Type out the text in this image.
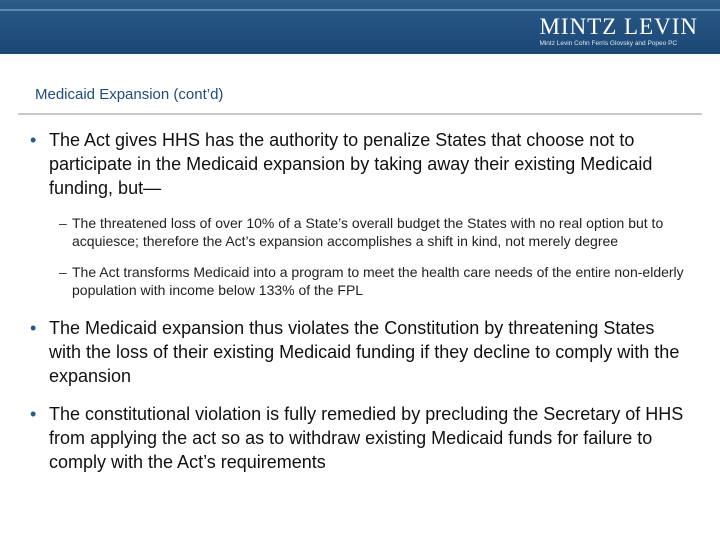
MINTZ LEVIN
Mintz Levin Cohn Ferris Glovsky and Popeo PC
Medicaid Expansion (cont’d)
• The Act gives HHS has the authority to penalize States that choose not to participate in the Medicaid expansion by taking away their existing Medicaid funding, but—
– The threatened loss of over 10% of a State’s overall budget the States with no real option but to acquiesce; therefore the Act’s expansion accomplishes a shift in kind, not merely degree
– The Act transforms Medicaid into a program to meet the health care needs of the entire non-elderly population with income below 133% of the FPL
• The Medicaid expansion thus violates the Constitution by threatening States with the loss of their existing Medicaid funding if they decline to comply with the expansion
• The constitutional violation is fully remedied by precluding the Secretary of HHS from applying the act so as to withdraw existing Medicaid funds for failure to comply with the Act’s requirements
